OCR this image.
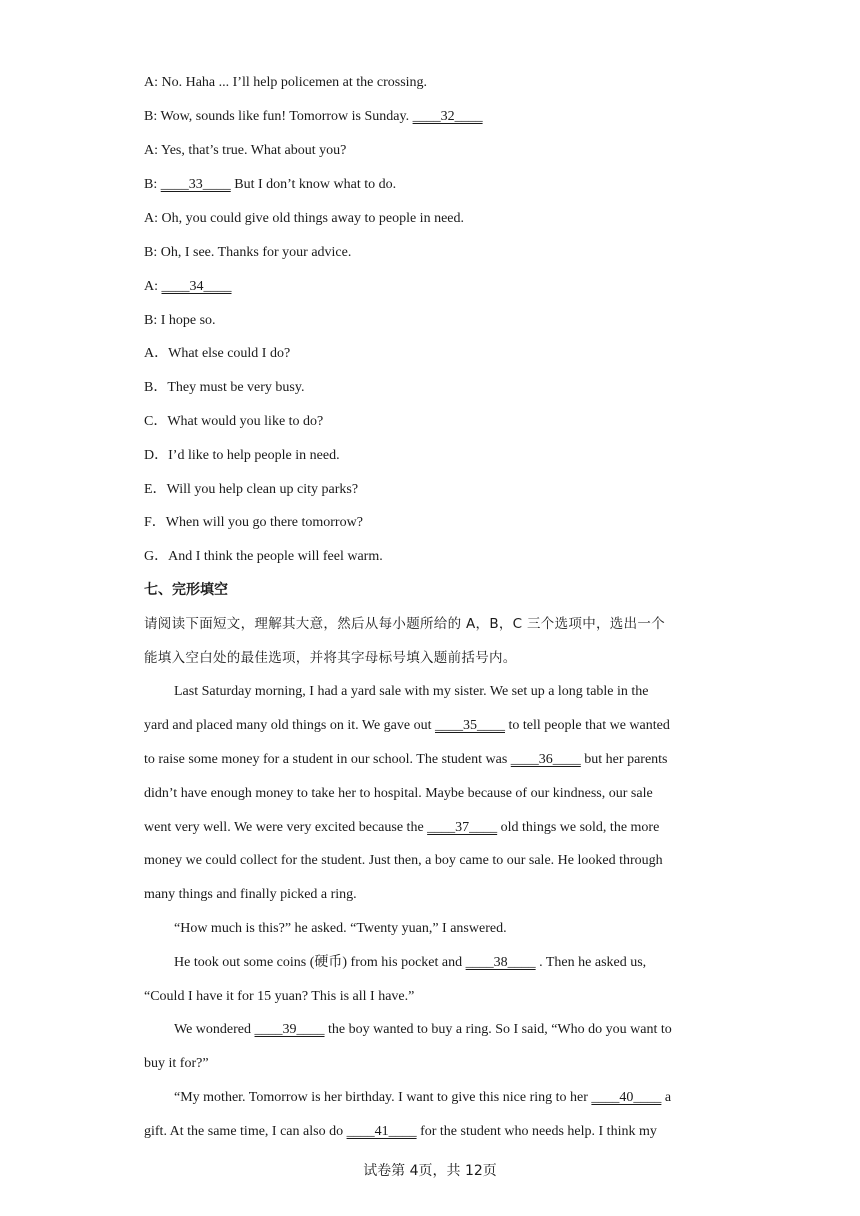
A: No. Haha ... I’ll help policemen at the crossing.
B: Wow, sounds like fun! Tomorrow is Sunday. ____32____
A: Yes, that’s true. What about you?
B: ____33____ But I don’t know what to do.
A: Oh, you could give old things away to people in need.
B: Oh, I see. Thanks for your advice.
A: ____34____
B: I hope so.
A．What else could I do?
B．They must be very busy.
C．What would you like to do?
D．I’d like to help people in need.
E．Will you help clean up city parks?
F．When will you go there tomorrow?
G．And I think the people will feel warm.
七、完形填空
请阅读下面短文，理解其大意，然后从每小题所给的 A，B，C 三个选项中，选出一个
能填入空白处的最佳选项，并将其字母标号填入题前括号内。
Last Saturday morning, I had a yard sale with my sister. We set up a long table in the
yard and placed many old things on it. We gave out ____35____ to tell people that we wanted
to raise some money for a student in our school. The student was ____36____ but her parents
didn’t have enough money to take her to hospital. Maybe because of our kindness, our sale
went very well. We were very excited because the ____37____ old things we sold, the more
money we could collect for the student. Just then, a boy came to our sale. He looked through
many things and finally picked a ring.
“How much is this?” he asked. “Twenty yuan,” I answered.
He took out some coins (硬币) from his pocket and ____38____ . Then he asked us,
“Could I have it for 15 yuan? This is all I have.”
We wondered ____39____ the boy wanted to buy a ring. So I said, “Who do you want to
buy it for?”
“My mother. Tomorrow is her birthday. I want to give this nice ring to her ____40____ a
gift. At the same time, I can also do ____41____ for the student who needs help. I think my
试卷第 4页，共 12页
